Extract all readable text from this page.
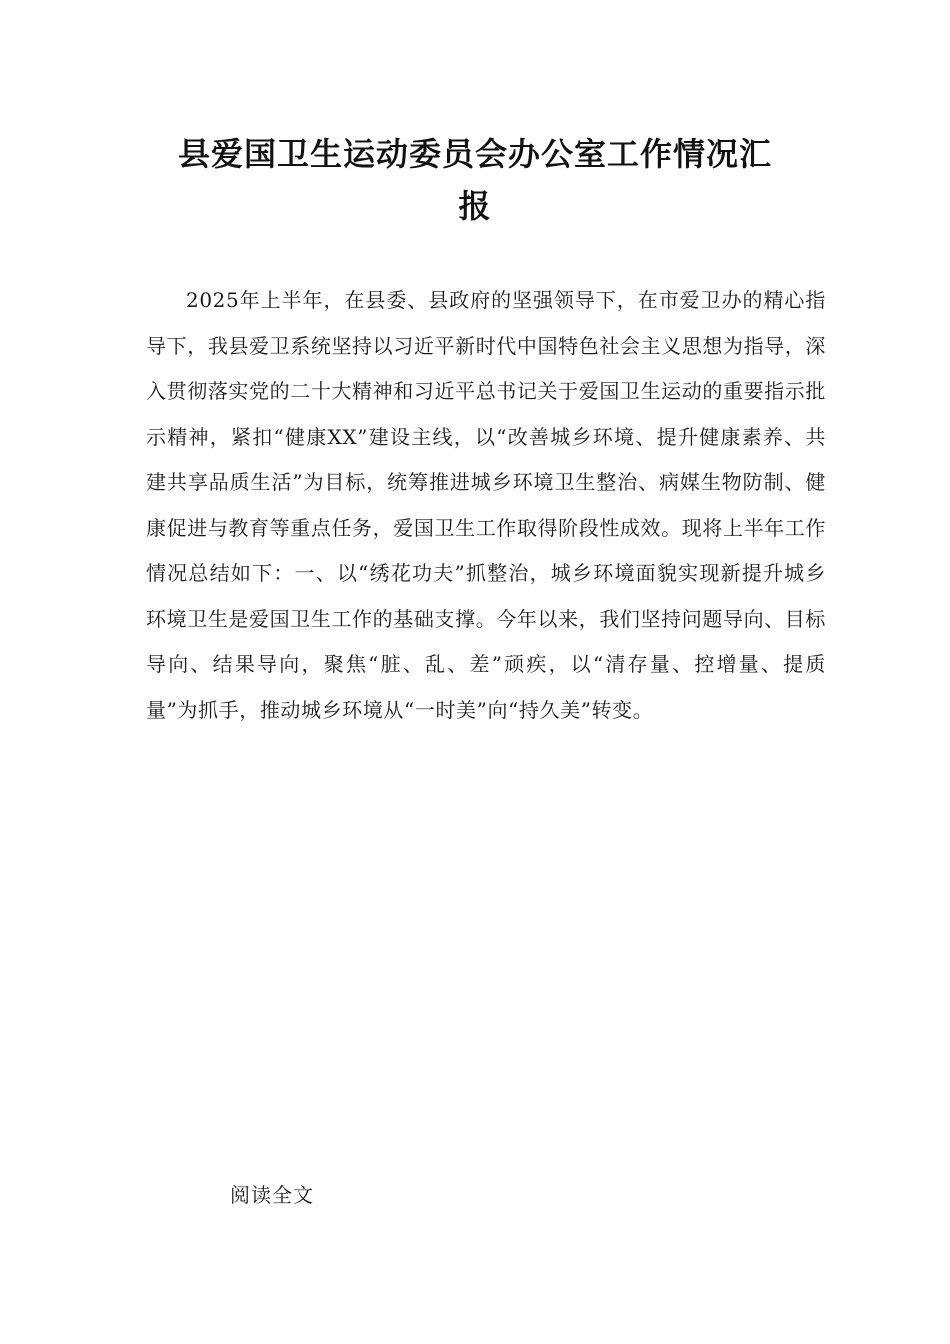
县爱国卫生运动委员会办公室工作情况汇
报

2025年上半年，在县委、县政府的坚强领导下，在市爱卫办的精心指导下，我县爱卫系统坚持以习近平新时代中国特色社会主义思想为指导，深入贯彻落实党的二十大精神和习近平总书记关于爱国卫生运动的重要指示批示精神，紧扣“健康XX”建设主线，以“改善城乡环境、提升健康素养、共建共享品质生活”为目标，统筹推进城乡环境卫生整治、病媒生物防制、健康促进与教育等重点任务，爱国卫生工作取得阶段性成效。现将上半年工作情况总结如下：一、以“绣花功夫”抓整治，城乡环境面貌实现新提升城乡环境卫生是爱国卫生工作的基础支撑。今年以来，我们坚持问题导向、目标导向、结果导向，聚焦“脏、乱、差”顽疾，以“清存量、控增量、提质量”为抓手，推动城乡环境从“一时美”向“持久美”转变。

阅读全文
